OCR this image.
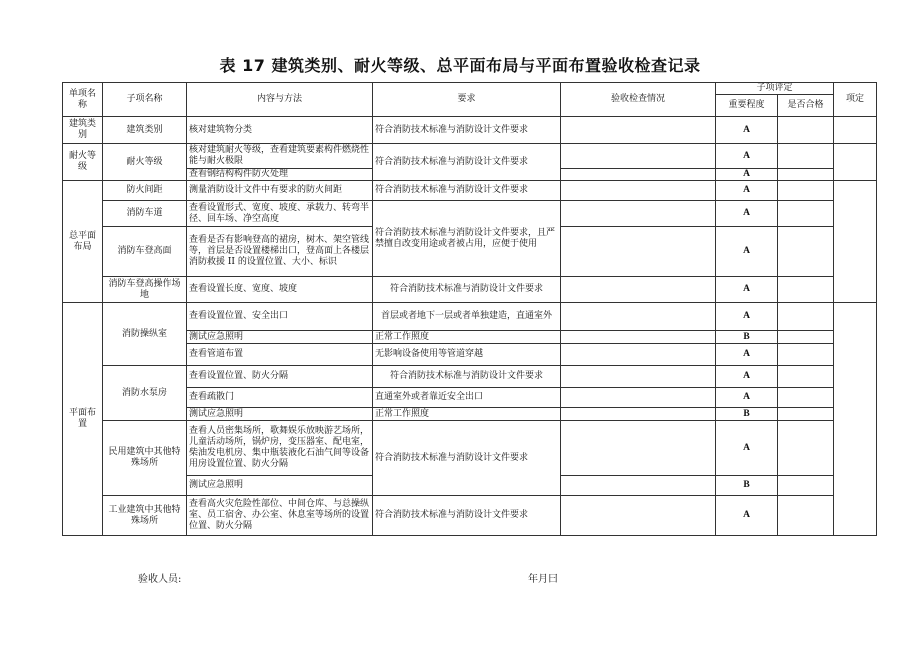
表 17 建筑类别、耐火等级、总平面布局与平面布置验收检查记录
单项名称	子项名称	内容与方法	要求	验收检查情况	子项评定		项定
					重要程度	是否合格	
建筑类别	建筑类别	核对建筑物分类	符合消防技术标准与消防设计文件要求		A		
耐火等级	耐火等级	核对建筑耐火等级，查看建筑要素构件燃烧性能与耐火极限	符合消防技术标准与消防设计文件要求		A		
		查看钢结构构件防火处理			A		
总平面布局	防火间距	测量消防设计文件中有要求的防火间距	符合消防技术标准与消防设计文件要求		A		
	消防车道	查看设置形式、宽度、坡度、承载力、转弯半径、回车场、净空高度	符合消防技术标准与消防设计文件要求，且严禁擅自改变用途或者被占用，应便于使用		A		
	消防车登高面	查看是否有影响登高的裙房，树木、架空管线等，首层是否设置楼梯出口，登高面上各楼层消防救援 II 的设置位置、大小、标识			A		
	消防车登高操作场地	查看设置长度、宽度、坡度	符合消防技术标准与消防设计文件要求		A		
平面布置	消防操纵室	查看设置位置、安全出口	首层或者地下一层或者单独建造，直通室外		A		
		测试应急照明	正常工作照度		B		
		查看管道布置	无影响设备使用等管道穿越		A		
	消防水泵房	查看设置位置、防火分隔	符合消防技术标准与消防设计文件要求		A		
		查看疏散门	直通室外或者靠近安全出口		A		
		测试应急照明	正常工作照度		B		
	民用建筑中其他特殊场所	查看人员密集场所，歌舞娱乐放映游艺场所，儿童活动场所，锅炉房，变压器室、配电室，柴油发电机房、集中瓶装液化石油气间等设备用房设置位置、防火分隔	符合消防技术标准与消防设计文件要求		A		
		测试应急照明			B		
	工业建筑中其他特殊场所	查看高火灾危险性部位、中间仓库、与总操纵室、员工宿舍、办公室、休息室等场所的设置位置、防火分隔	符合消防技术标准与消防设计文件要求		A		
验收人员:	年月曰
